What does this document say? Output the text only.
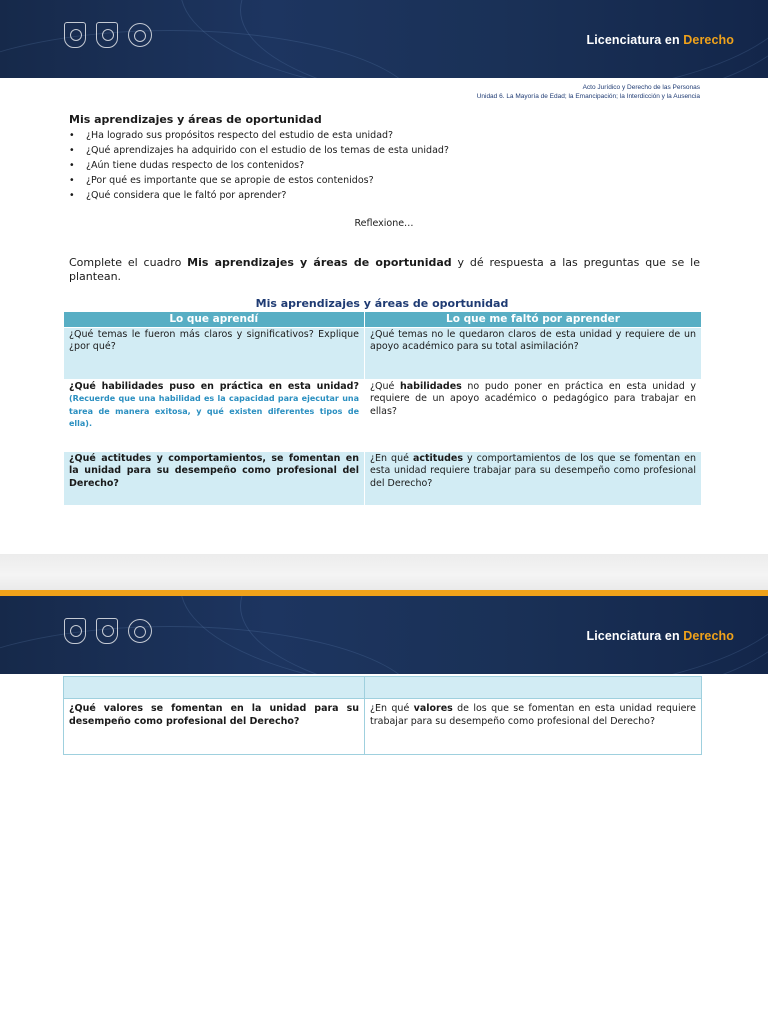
Licenciatura en Derecho
Acto Jurídico y Derecho de las Personas
Unidad 6. La Mayoría de Edad; la Emancipación; la Interdicción y la Ausencia
Mis aprendizajes y áreas de oportunidad
• ¿Ha logrado sus propósitos respecto del estudio de esta unidad?
• ¿Qué aprendizajes ha adquirido con el estudio de los temas de esta unidad?
• ¿Aún tiene dudas respecto de los contenidos?
• ¿Por qué es importante que se apropie de estos contenidos?
• ¿Qué considera que le faltó por aprender?
Reflexione…
Complete el cuadro Mis aprendizajes y áreas de oportunidad y dé respuesta a las preguntas que se le plantean.
Mis aprendizajes y áreas de oportunidad
Lo que aprendí	Lo que me faltó por aprender
¿Qué temas le fueron más claros y significativos? Explique ¿por qué?	¿Qué temas no le quedaron claros de esta unidad y requiere de un apoyo académico para su total asimilación?
¿Qué habilidades puso en práctica en esta unidad? (Recuerde que una habilidad es la capacidad para ejecutar una tarea de manera exitosa, y qué existen diferentes tipos de ella).	¿Qué habilidades no pudo poner en práctica en esta unidad y requiere de un apoyo académico o pedagógico para trabajar en ellas?
¿Qué actitudes y comportamientos, se fomentan en la unidad para su desempeño como profesional del Derecho?	¿En qué actitudes y comportamientos de los que se fomentan en esta unidad requiere trabajar para su desempeño como profesional del Derecho?
Licenciatura en Derecho

¿Qué valores se fomentan en la unidad para su desempeño como profesional del Derecho?	¿En qué valores de los que se fomentan en esta unidad requiere trabajar para su desempeño como profesional del Derecho?
